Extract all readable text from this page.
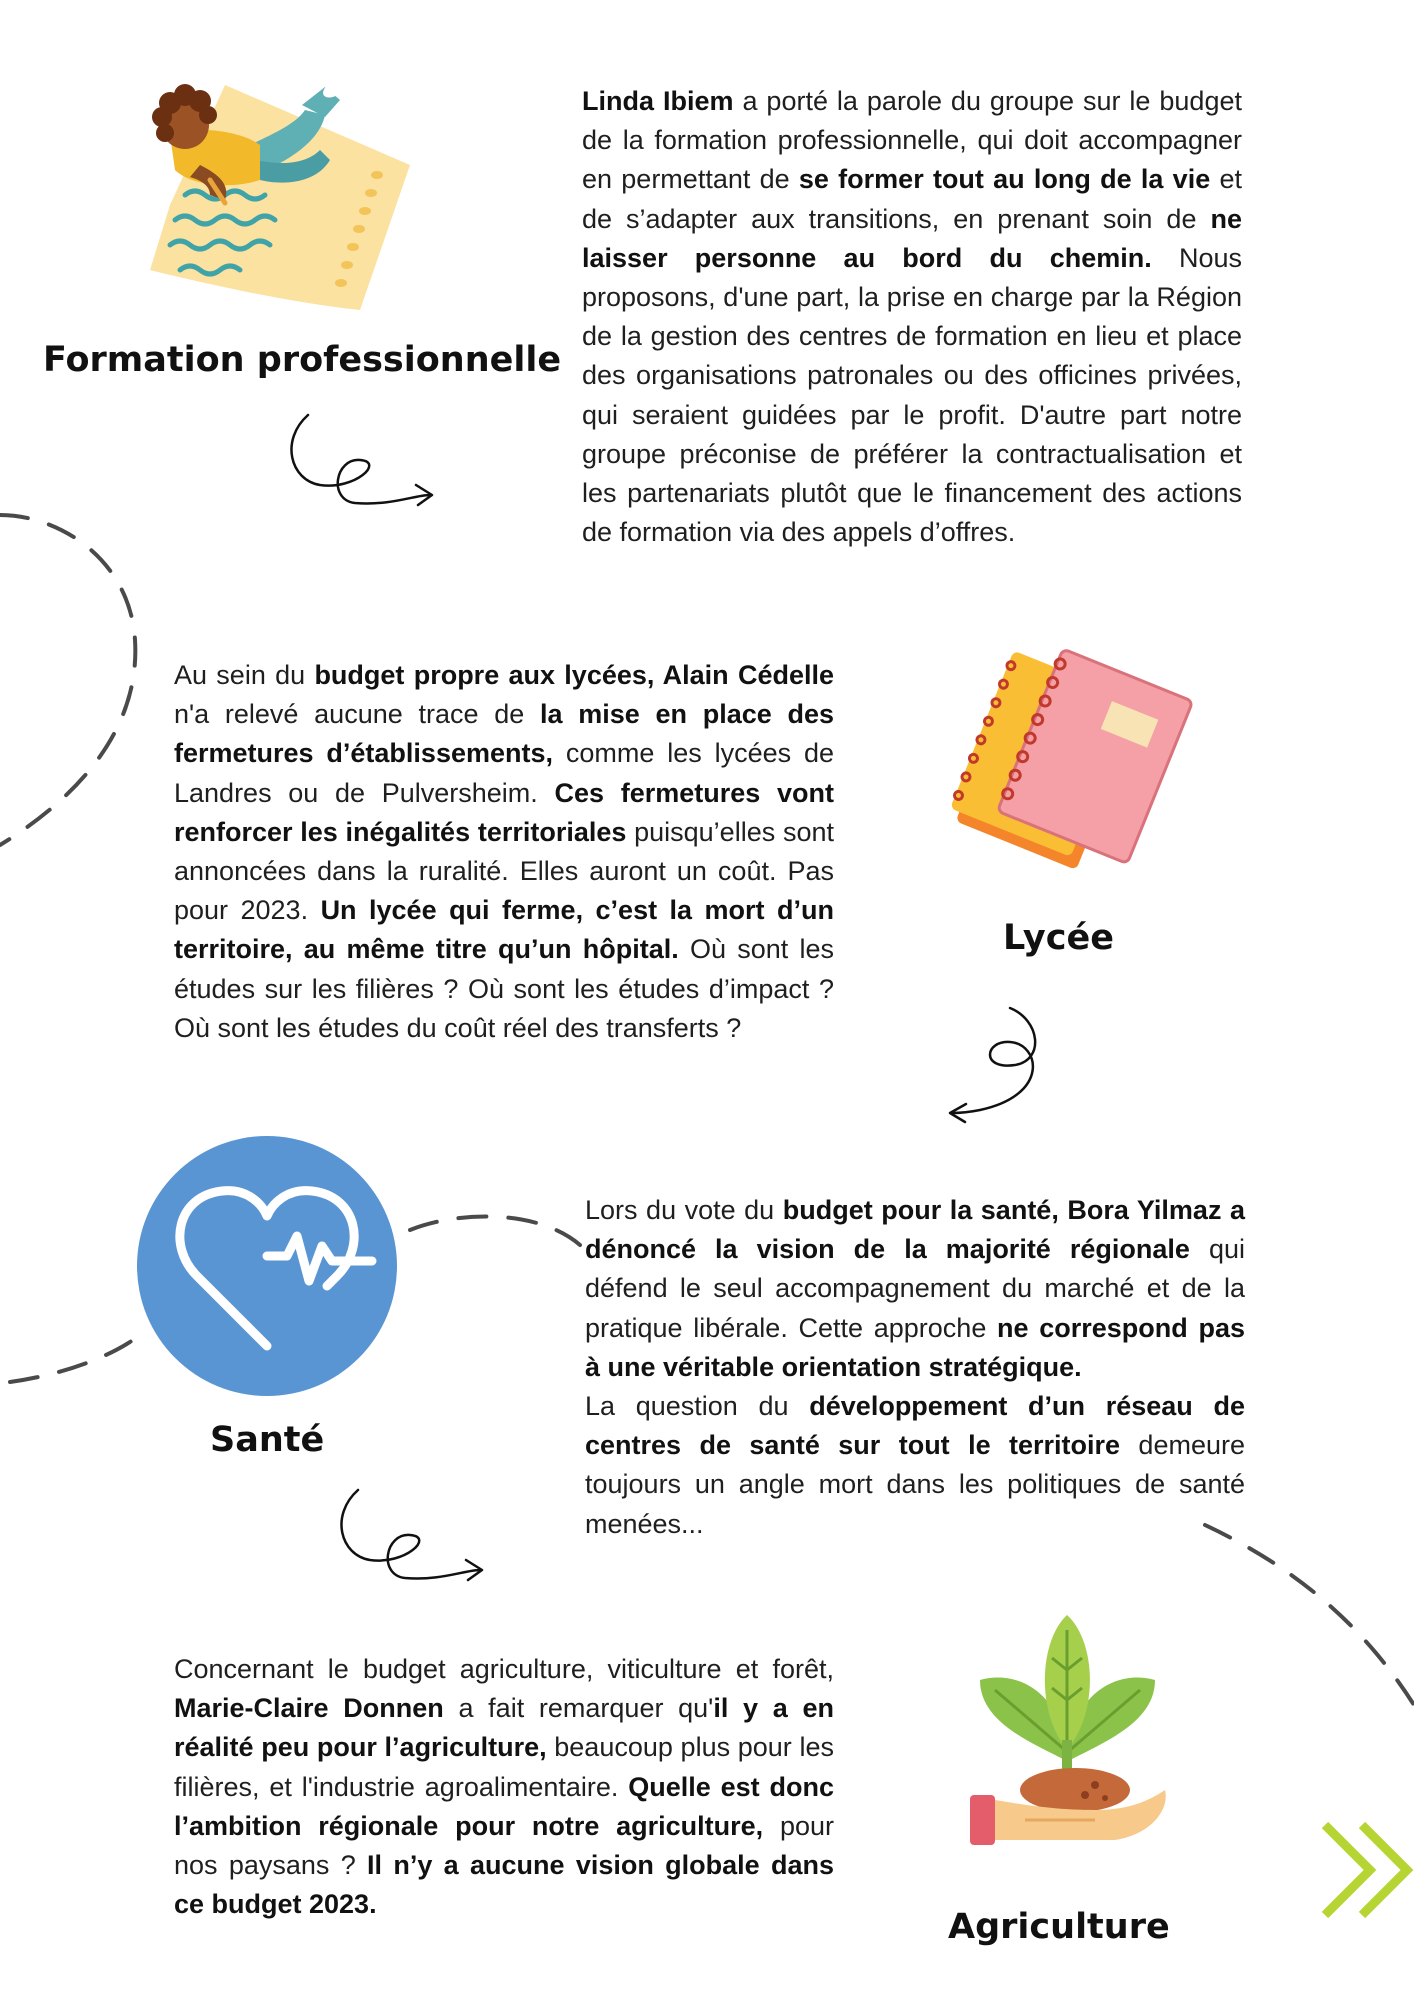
Formation professionnelle

Linda Ibiem a porté la parole du groupe sur le budget de la formation professionnelle, qui doit accompagner en permettant de se former tout au long de la vie et de s’adapter aux transitions, en prenant soin de ne laisser personne au bord du chemin. Nous proposons, d'une part, la prise en charge par la Région de la gestion des centres de formation en lieu et place des organisations patronales ou des officines privées, qui seraient guidées par le profit. D'autre part notre groupe préconise de préférer la contractualisation et les partenariats plutôt que le financement des actions de formation via des appels d’offres.

Au sein du budget propre aux lycées, Alain Cédelle n'a relevé aucune trace de la mise en place des fermetures d’établissements, comme les lycées de Landres ou de Pulversheim. Ces fermetures vont renforcer les inégalités territoriales puisqu’elles sont annoncées dans la ruralité. Elles auront un coût. Pas pour 2023. Un lycée qui ferme, c’est la mort d’un territoire, au même titre qu’un hôpital. Où sont les études sur les filières ? Où sont les études d’impact ? Où sont les études du coût réel des transferts ?

Lycée
Santé

Lors du vote du budget pour la santé, Bora Yilmaz a dénoncé la vision de la majorité régionale qui défend le seul accompagnement du marché et de la pratique libérale. Cette approche ne correspond pas à une véritable orientation stratégique.

La question du développement d’un réseau de centres de santé sur tout le territoire demeure toujours un angle mort dans les politiques de santé menées...

Concernant le budget agriculture, viticulture et forêt, Marie-Claire Donnen a fait remarquer qu'il y a en réalité peu pour l’agriculture, beaucoup plus pour les filières, et l'industrie agroalimentaire. Quelle est donc l’ambition régionale pour notre agriculture, pour nos paysans ? Il n’y a aucune vision globale dans ce budget 2023.

Agriculture
